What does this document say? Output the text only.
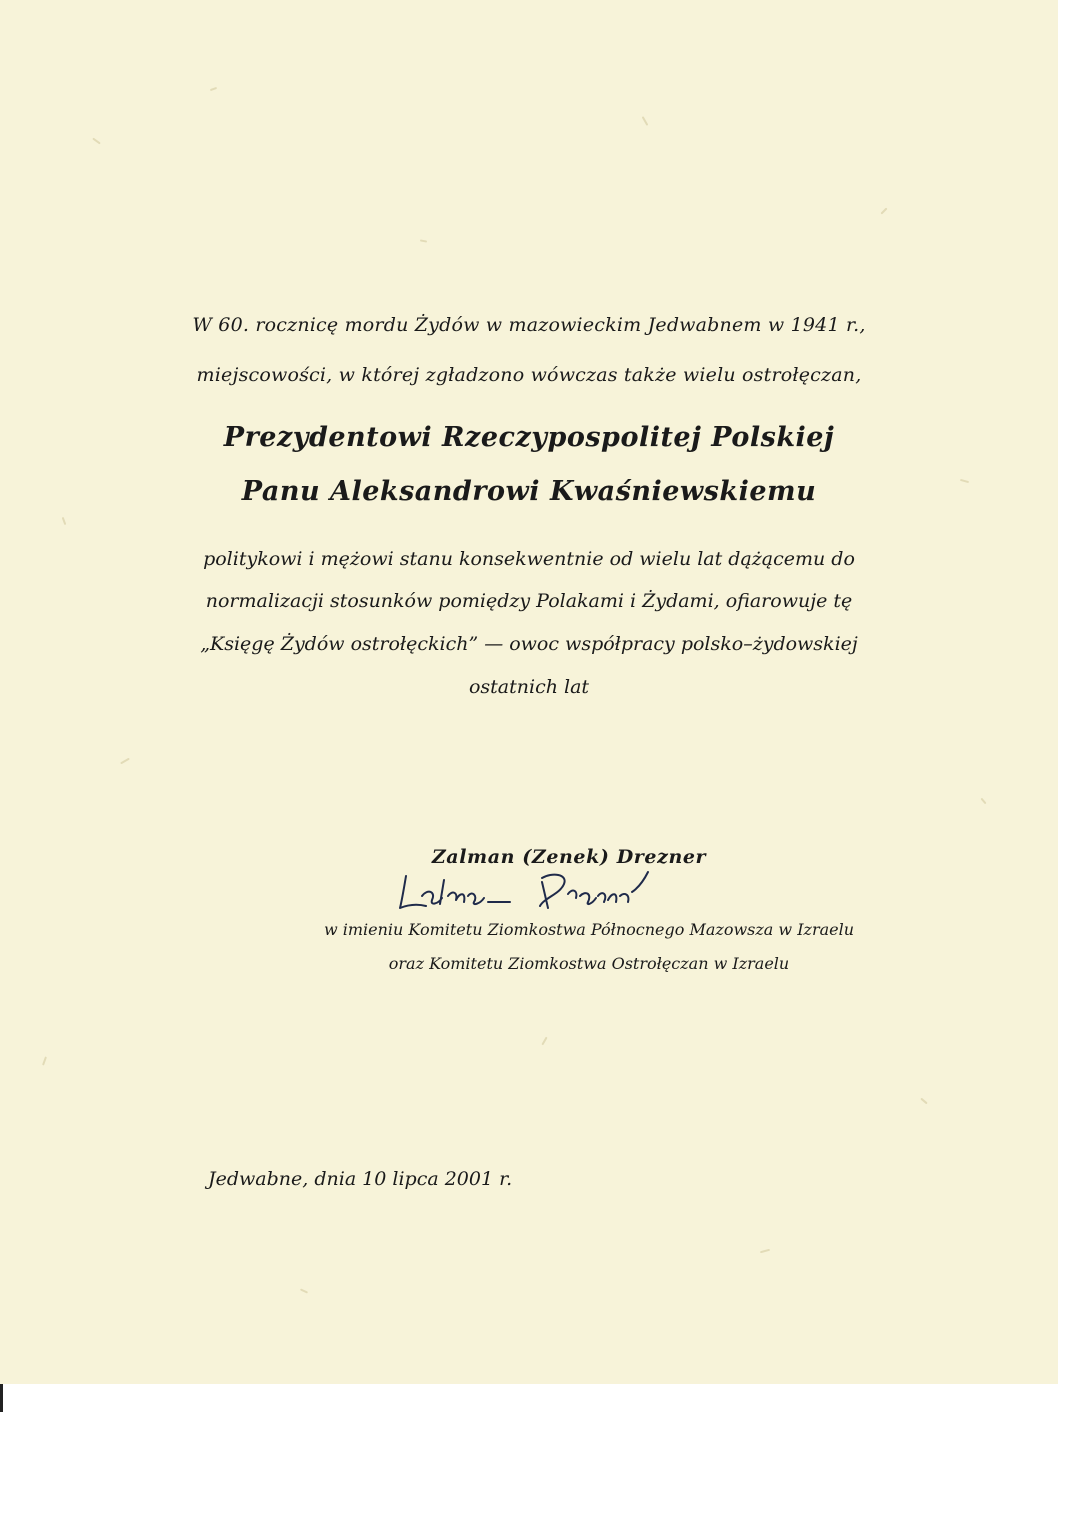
W 60. rocznicę mordu Żydów w mazowieckim Jedwabnem w 1941 r.,

miejscowości, w której zgładzono wówczas także wielu ostrołęczan,

Prezydentowi Rzeczypospolitej Polskiej

Panu Aleksandrowi Kwaśniewskiemu

politykowi i mężowi stanu konsekwentnie od wielu lat dążącemu do

normalizacji stosunków pomiędzy Polakami i Żydami, ofiarowuje tę

„Księgę Żydów ostrołęckich” — owoc współpracy polsko–żydowskiej

ostatnich lat

Zalman (Zenek) Drezner

w imieniu Komitetu Ziomkostwa Północnego Mazowsza w Izraelu

oraz Komitetu Ziomkostwa Ostrołęczan w Izraelu

Jedwabne, dnia 10 lipca 2001 r.
